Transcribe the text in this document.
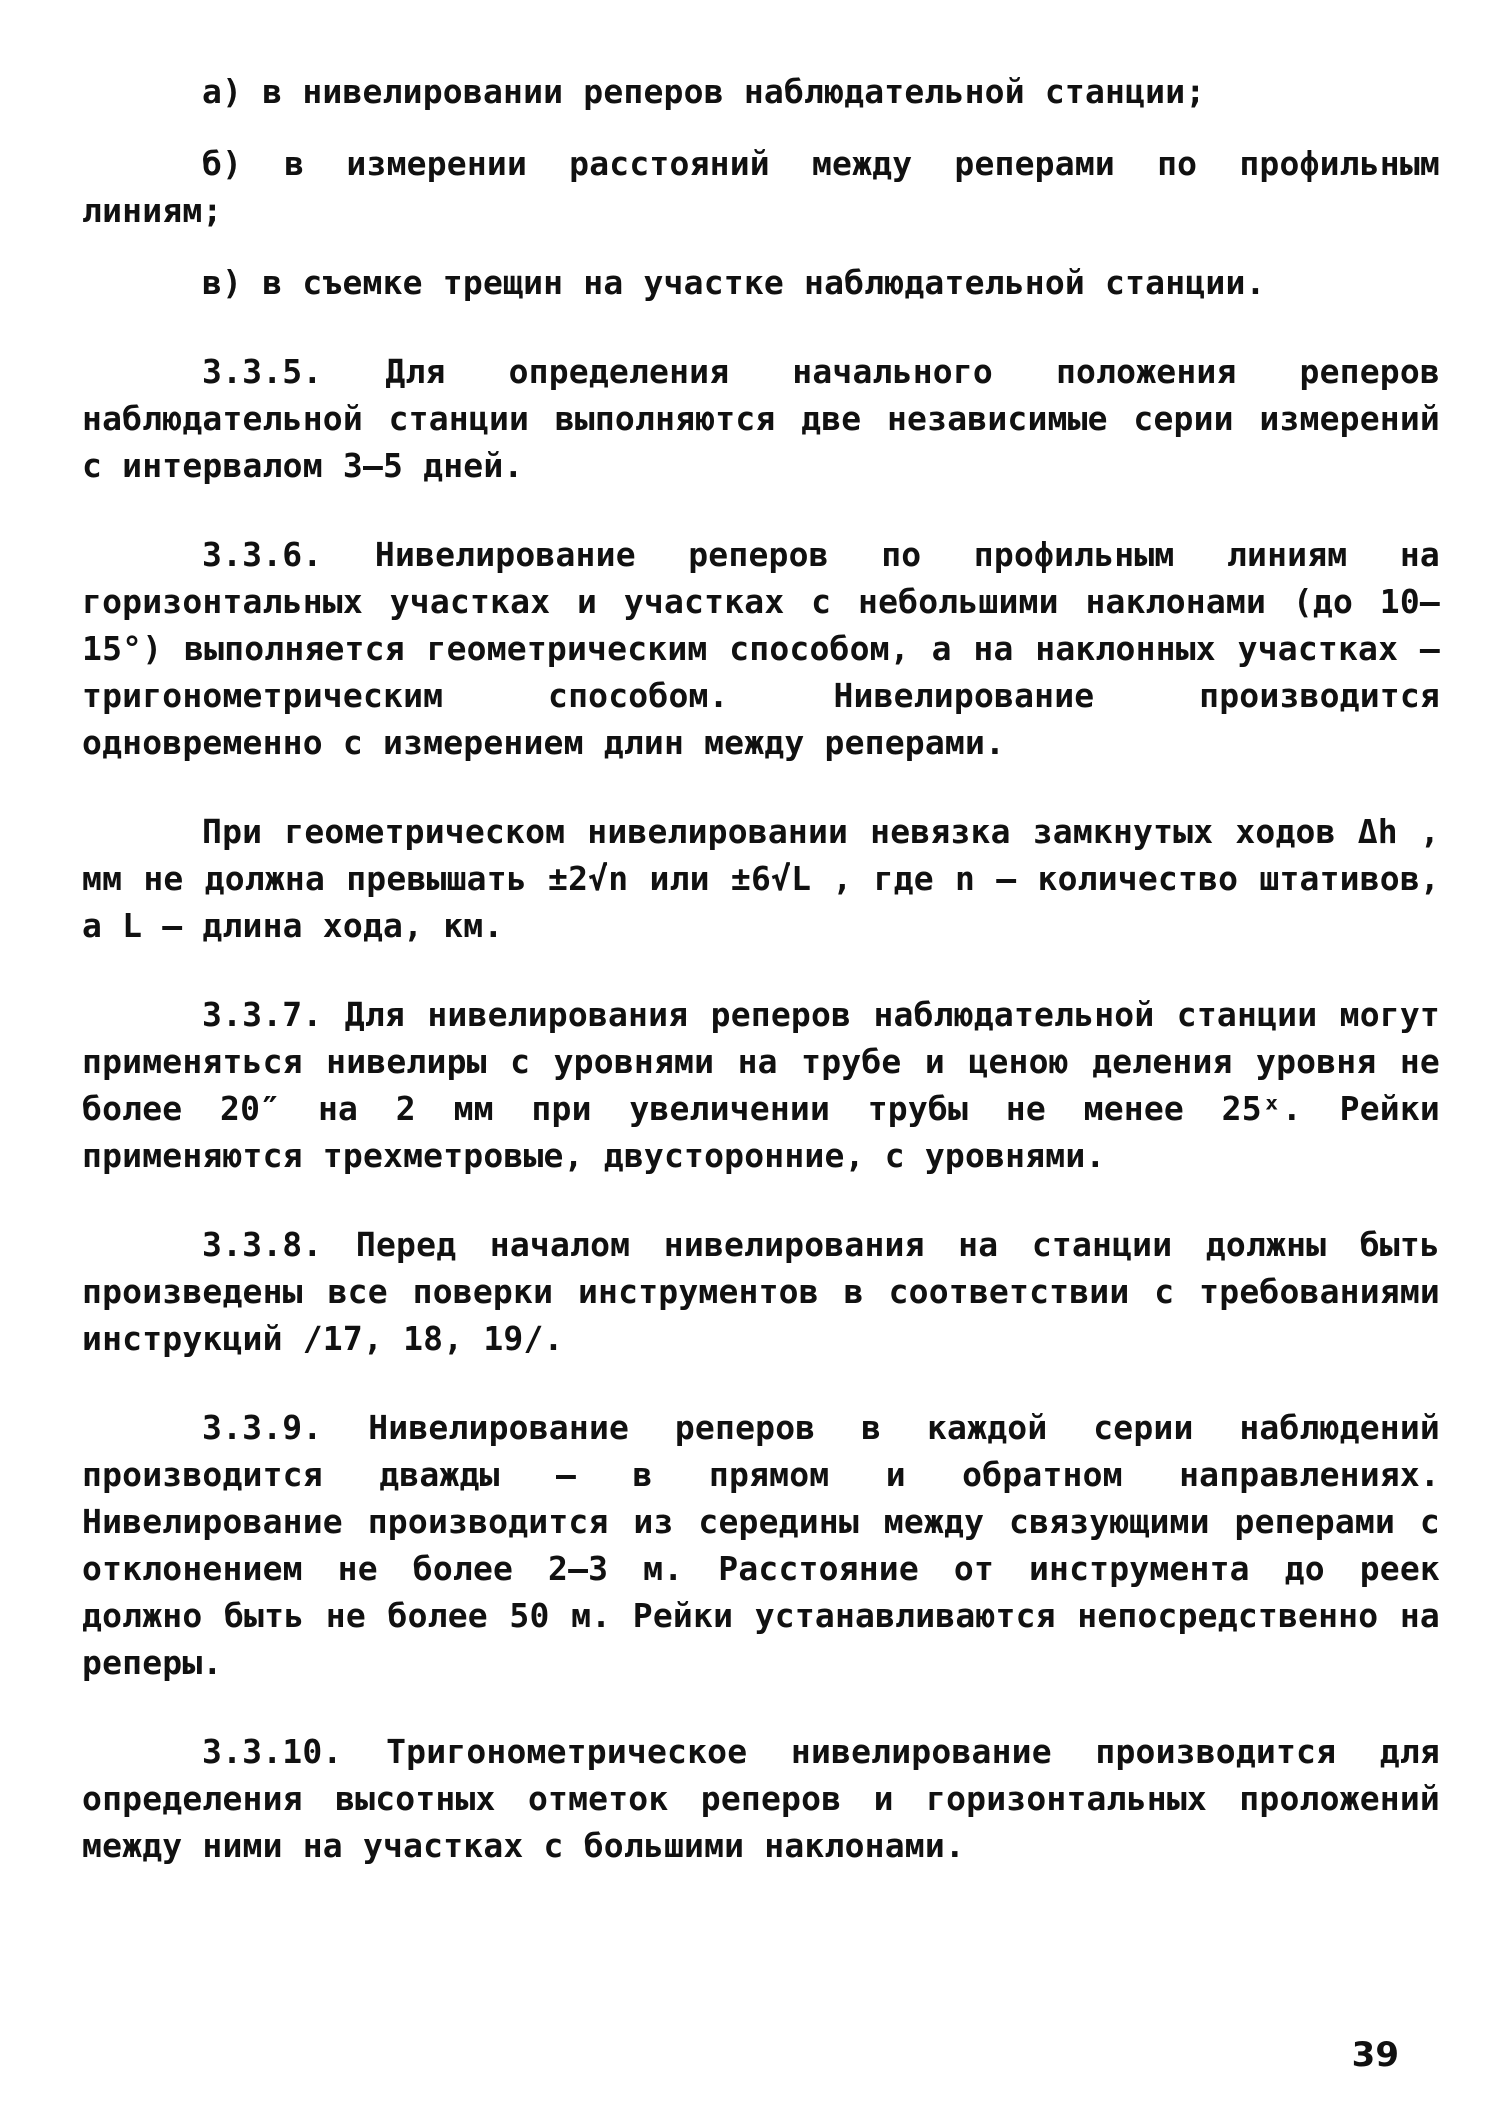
а) в нивелировании реперов наблюдательной станции;

б) в измерении расстояний между реперами по профильным линиям;

в) в съемке трещин на участке наблюдательной станции.

3.3.5. Для определения начального положения реперов наблюдательной станции выполняются две независимые серии измерений с интервалом 3–5 дней.

3.3.6. Нивелирование реперов по профильным линиям на горизонтальных участках и участках с небольшими наклонами (до 10–15°) выполняется геометрическим способом, а на наклонных участках – тригонометрическим способом. Нивелирование производится одновременно с измерением длин между реперами.

При геометрическом нивелировании невязка замкнутых ходов Δh , мм не должна превышать ±2√n или ±6√L , где n – количество штативов, а L – длина хода, км.

3.3.7. Для нивелирования реперов наблюдательной станции могут применяться нивелиры с уровнями на трубе и ценою деления уровня не более 20″ на 2 мм при увеличении трубы не менее 25ˣ. Рейки применяются трехметровые, двусторонние, с уровнями.

3.3.8. Перед началом нивелирования на станции должны быть произведены все поверки инструментов в соответствии с требованиями инструкций /17, 18, 19/.

3.3.9. Нивелирование реперов в каждой серии наблюдений производится дважды – в прямом и обратном направлениях. Нивелирование производится из середины между связующими реперами с отклонением не более 2–3 м. Расстояние от инструмента до реек должно быть не более 50 м. Рейки устанавливаются непосредственно на реперы.

3.3.10. Тригонометрическое нивелирование производится для определения высотных отметок реперов и горизонтальных проложений между ними на участках с большими наклонами.

39
